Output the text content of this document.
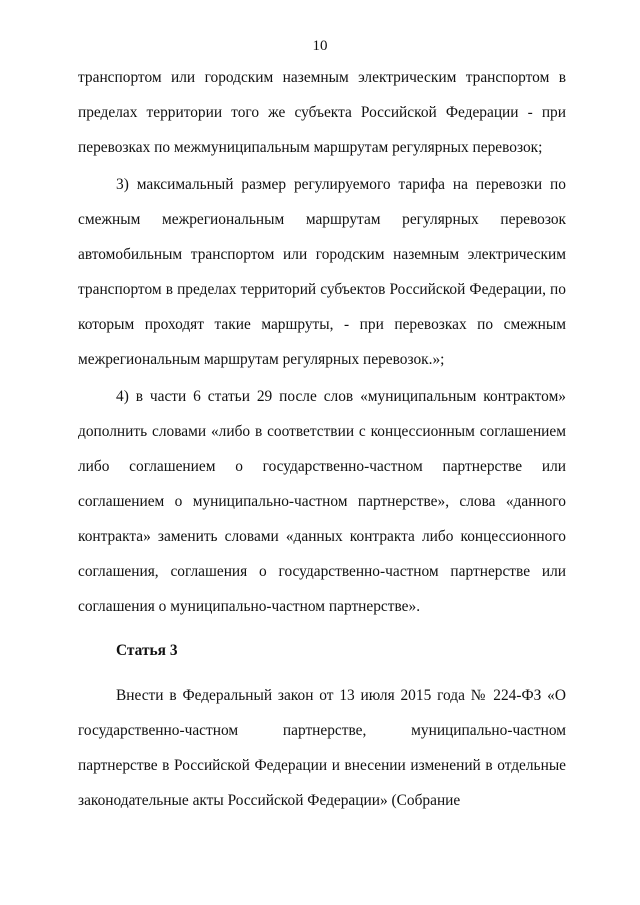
10

транспортом или городским наземным электрическим транспортом в пределах территории того же субъекта Российской Федерации - при перевозках по межмуниципальным маршрутам регулярных перевозок;

3) максимальный размер регулируемого тарифа на перевозки по смежным межрегиональным маршрутам регулярных перевозок автомобильным транспортом или городским наземным электрическим транспортом в пределах территорий субъектов Российской Федерации, по которым проходят такие маршруты, - при перевозках по смежным межрегиональным маршрутам регулярных перевозок.»;

4) в части 6 статьи 29 после слов «муниципальным контрактом» дополнить словами «либо в соответствии с концессионным соглашением либо соглашением о государственно-частном партнерстве или соглашением о муниципально-частном партнерстве», слова «данного контракта» заменить словами «данных контракта либо концессионного соглашения, соглашения о государственно-частном партнерстве или соглашения о муниципально-частном партнерстве».

Статья 3

Внести в Федеральный закон от 13 июля 2015 года № 224-ФЗ «О государственно-частном партнерстве, муниципально-частном партнерстве в Российской Федерации и внесении изменений в отдельные законодательные акты Российской Федерации» (Собрание
